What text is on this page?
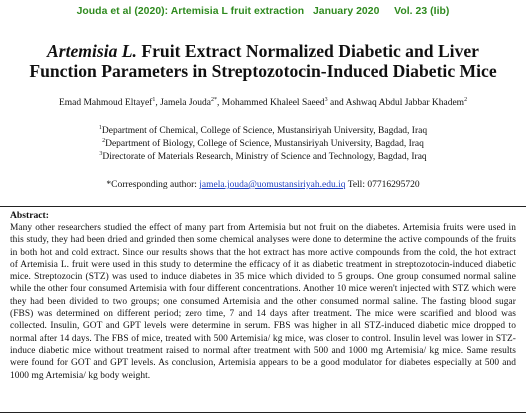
Jouda et al (2020): Artemisia L fruit extraction   January 2020     Vol. 23 (Iib)
Artemisia L. Fruit Extract Normalized Diabetic and Liver
Function Parameters in Streptozotocin-Induced Diabetic Mice
Emad Mahmoud Eltayef$^1$, Jamela Jouda$^{2*}$, Mohammed Khaleel Saeed$^3$ and Ashwaq Abdul Jabbar Khadem$^2$
$^1$Department of Chemical, College of Science, Mustansiriyah University, Bagdad, Iraq
$^2$Department of Biology, College of Science, Mustansiriyah University, Bagdad, Iraq
$^3$Directorate of Materials Research, Ministry of Science and Technology, Bagdad, Iraq
*Corresponding author: jamela.jouda@uomustansiriyah.edu.iq Tell: 07716295720
Abstract:

Many other researchers studied the effect of many part from Artemisia but not fruit on the diabetes. Artemisia fruits were used in this study, they had been dried and grinded then some chemical analyses were done to determine the active compounds of the fruits in both hot and cold extract. Since our results shows that the hot extract has more active compounds from the cold, the hot extract of Artemisia L. fruit were used in this study to determine the efficacy of it as diabetic treatment in streptozotocin-induced diabetic mice. Streptozocin (STZ) was used to induce diabetes in 35 mice which divided to 5 groups. One group consumed normal saline while the other four consumed Artemisia with four different concentrations. Another 10 mice weren't injected with STZ which were they had been divided to two groups; one consumed Artemisia and the other consumed normal saline. The fasting blood sugar (FBS) was determined on different period; zero time, 7 and 14 days after treatment. The mice were scarified and blood was collected. Insulin, GOT and GPT levels were determine in serum. FBS was higher in all STZ-induced diabetic mice dropped to normal after 14 days. The FBS of mice, treated with 500 Artemisia/ kg mice, was closer to control. Insulin level was lower in STZ-induce diabetic mice without treatment raised to normal after treatment with 500 and 1000 mg Artemisia/ kg mice. Same results were found for GOT and GPT levels. As conclusion, Artemisia appears to be a good modulator for diabetes especially at 500 and 1000 mg Artemisia/ kg body weight.
